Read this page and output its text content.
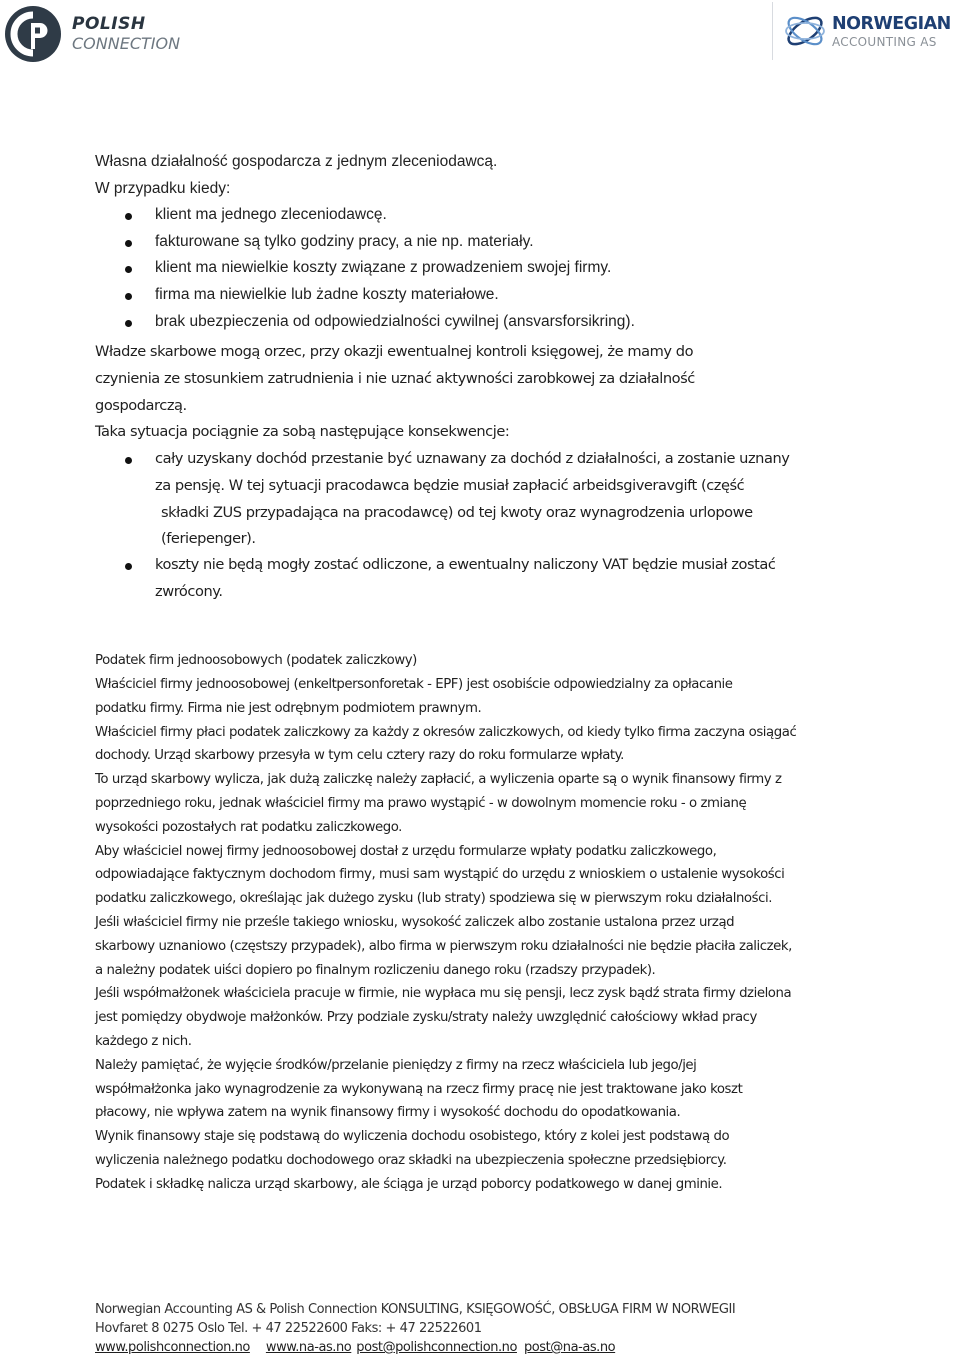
POLISH
CONNECTION
NORWEGIAN
ACCOUNTING AS
Własna działalność gospodarcza z jednym zleceniodawcą.
W przypadku kiedy:
klient ma jednego zleceniodawcę.
fakturowane są tylko godziny pracy, a nie np. materiały.
klient ma niewielkie koszty związane z prowadzeniem swojej firmy.
firma ma niewielkie lub żadne koszty materiałowe.
brak ubezpieczenia od odpowiedzialności cywilnej (ansvarsforsikring).
Władze skarbowe mogą orzec, przy okazji ewentualnej kontroli księgowej, że mamy do
czynienia ze stosunkiem zatrudnienia i nie uznać aktywności zarobkowej za działalność
gospodarczą.
Taka sytuacja pociągnie za sobą następujące konsekwencje:
cały uzyskany dochód przestanie być uznawany za dochód z działalności, a zostanie uznany
za pensję. W tej sytuacji pracodawca będzie musiał zapłacić arbeidsgiveravgift (część
składki ZUS przypadająca na pracodawcę) od tej kwoty oraz wynagrodzenia urlopowe
(feriepenger).
koszty nie będą mogły zostać odliczone, a ewentualny naliczony VAT będzie musiał zostać
zwrócony.
Podatek firm jednoosobowych (podatek zaliczkowy)
Właściciel firmy jednoosobowej (enkeltpersonforetak - EPF) jest osobiście odpowiedzialny za opłacanie
podatku firmy. Firma nie jest odrębnym podmiotem prawnym.
Właściciel firmy płaci podatek zaliczkowy za każdy z okresów zaliczkowych, od kiedy tylko firma zaczyna osiągać
dochody. Urząd skarbowy przesyła w tym celu cztery razy do roku formularze wpłaty.
To urząd skarbowy wylicza, jak dużą zaliczkę należy zapłacić, a wyliczenia oparte są o wynik finansowy firmy z
poprzedniego roku, jednak właściciel firmy ma prawo wystąpić - w dowolnym momencie roku - o zmianę
wysokości pozostałych rat podatku zaliczkowego.
Aby właściciel nowej firmy jednoosobowej dostał z urzędu formularze wpłaty podatku zaliczkowego,
odpowiadające faktycznym dochodom firmy, musi sam wystąpić do urzędu z wnioskiem o ustalenie wysokości
podatku zaliczkowego, określając jak dużego zysku (lub straty) spodziewa się w pierwszym roku działalności.
Jeśli właściciel firmy nie prześle takiego wniosku, wysokość zaliczek albo zostanie ustalona przez urząd
skarbowy uznaniowo (częstszy przypadek), albo firma w pierwszym roku działalności nie będzie płaciła zaliczek,
a należny podatek uiści dopiero po finalnym rozliczeniu danego roku (rzadszy przypadek).
Jeśli współmałżonek właściciela pracuje w firmie, nie wypłaca mu się pensji, lecz zysk bądź strata firmy dzielona
jest pomiędzy obydwoje małżonków. Przy podziale zysku/straty należy uwzględnić całościowy wkład pracy
każdego z nich.
Należy pamiętać, że wyjęcie środków/przelanie pieniędzy z firmy na rzecz właściciela lub jego/jej
współmałżonka jako wynagrodzenie za wykonywaną na rzecz firmy pracę nie jest traktowane jako koszt
płacowy, nie wpływa zatem na wynik finansowy firmy i wysokość dochodu do opodatkowania.
Wynik finansowy staje się podstawą do wyliczenia dochodu osobistego, który z kolei jest podstawą do
wyliczenia należnego podatku dochodowego oraz składki na ubezpieczenia społeczne przedsiębiorcy.
Podatek i składkę nalicza urząd skarbowy, ale ściąga je urząd poborcy podatkowego w danej gminie.
Norwegian Accounting AS & Polish Connection KONSULTING, KSIĘGOWOŚĆ, OBSŁUGA FIRM W NORWEGII
Hovfaret 8 0275 Oslo Tel. + 47 22522600 Faks: + 47 22522601
www.polishconnection.no www.na-as.no post@polishconnection.no post@na-as.no
